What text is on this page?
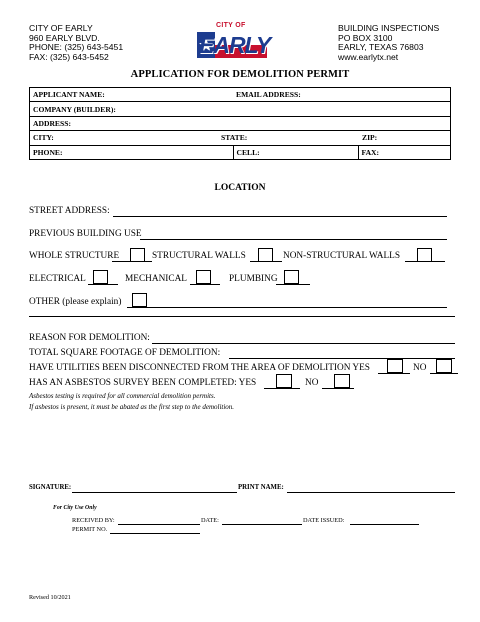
CITY OF EARLY
960 EARLY BLVD.
PHONE: (325) 643-5451
FAX: (325) 643-5452
CITY OF
EARLY
BUILDING INSPECTIONS
PO BOX 3100
EARLY, TEXAS 76803
www.earlytx.net
APPLICATION FOR DEMOLITION PERMIT
APPLICANT NAME:	EMAIL ADDRESS:	
COMPANY (BUILDER):		
ADDRESS:		
CITY: STATE: ZIP:		

PHONE:	CELL:	FAX:
LOCATION
STREET ADDRESS:
PREVIOUS BUILDING USE
WHOLE STRUCTURE	STRUCTURAL WALLS	NON-STRUCTURAL WALLS
ELECTRICAL	MECHANICAL	PLUMBING
OTHER (please explain)
REASON FOR DEMOLITION:
TOTAL SQUARE FOOTAGE OF DEMOLITION:
HAVE UTILITIES BEEN DISCONNECTED FROM THE AREA OF DEMOLITION YES	NO
HAS AN ASBESTOS SURVEY BEEN COMPLETED: YES	NO
Asbestos testing is required for all commercial demolition permits.
If asbestos is present, it must be abated as the first step to the demolition.
SIGNATURE:	PRINT NAME:
For City Use Only
RECEIVED BY:	DATE:	DATE ISSUED:
PERMIT NO.
Revised 10/2021
